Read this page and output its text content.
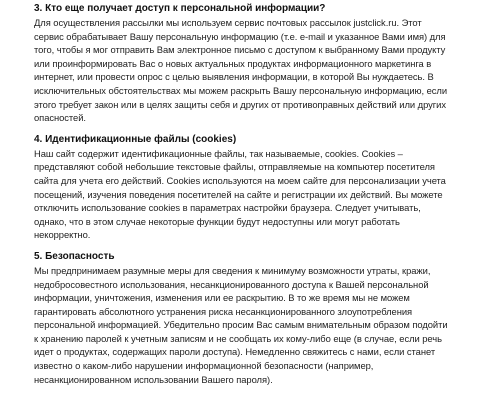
3. Кто еще получает доступ к персональной информации?

Для осуществления рассылки мы используем сервис почтовых рассылок justclick.ru. Этот

сервис обрабатывает Вашу персональную информацию (т.е. e-mail и указанное Вами имя) для

того, чтобы я мог отправить Вам электронное письмо с доступом к выбранному Вами продукту

или проинформировать Вас о новых актуальных продуктах информационного маркетинга в

интернет, или провести опрос с целью выявления информации, в которой Вы нуждаетесь. В

исключительных обстоятельствах мы можем раскрыть Вашу персональную информацию, если

этого требует закон или в целях защиты себя и других от противоправных действий или других

опасностей.

4. Идентификационные файлы (cookies)

Наш сайт содержит идентификационные файлы, так называемые, cookies. Cookies –

представляют собой небольшие текстовые файлы, отправляемые на компьютер посетителя

сайта для учета его действий. Cookies используются на моем сайте для персонализации учета

посещений, изучения поведения посетителей на сайте и регистрации их действий. Вы можете

отключить использование cookies в параметрах настройки браузера. Следует учитывать,

однако, что в этом случае некоторые функции будут недоступны или могут работать

некорректно.

5. Безопасность

Мы предпринимаем разумные меры для сведения к минимуму возможности утраты, кражи,

недобросовестного использования, несанкционированного доступа к Вашей персональной

информации, уничтожения, изменения или ее раскрытию. В то же время мы не можем

гарантировать абсолютного устранения риска несанкционированного злоупотребления

персональной информацией. Убедительно просим Вас самым внимательным образом подойти

к хранению паролей к учетным записям и не сообщать их кому-либо еще (в случае, если речь

идет о продуктах, содержащих пароли доступа). Немедленно свяжитесь с нами, если станет

известно о каком-либо нарушении информационной безопасности (например,

несанкционированном использовании Вашего пароля).
